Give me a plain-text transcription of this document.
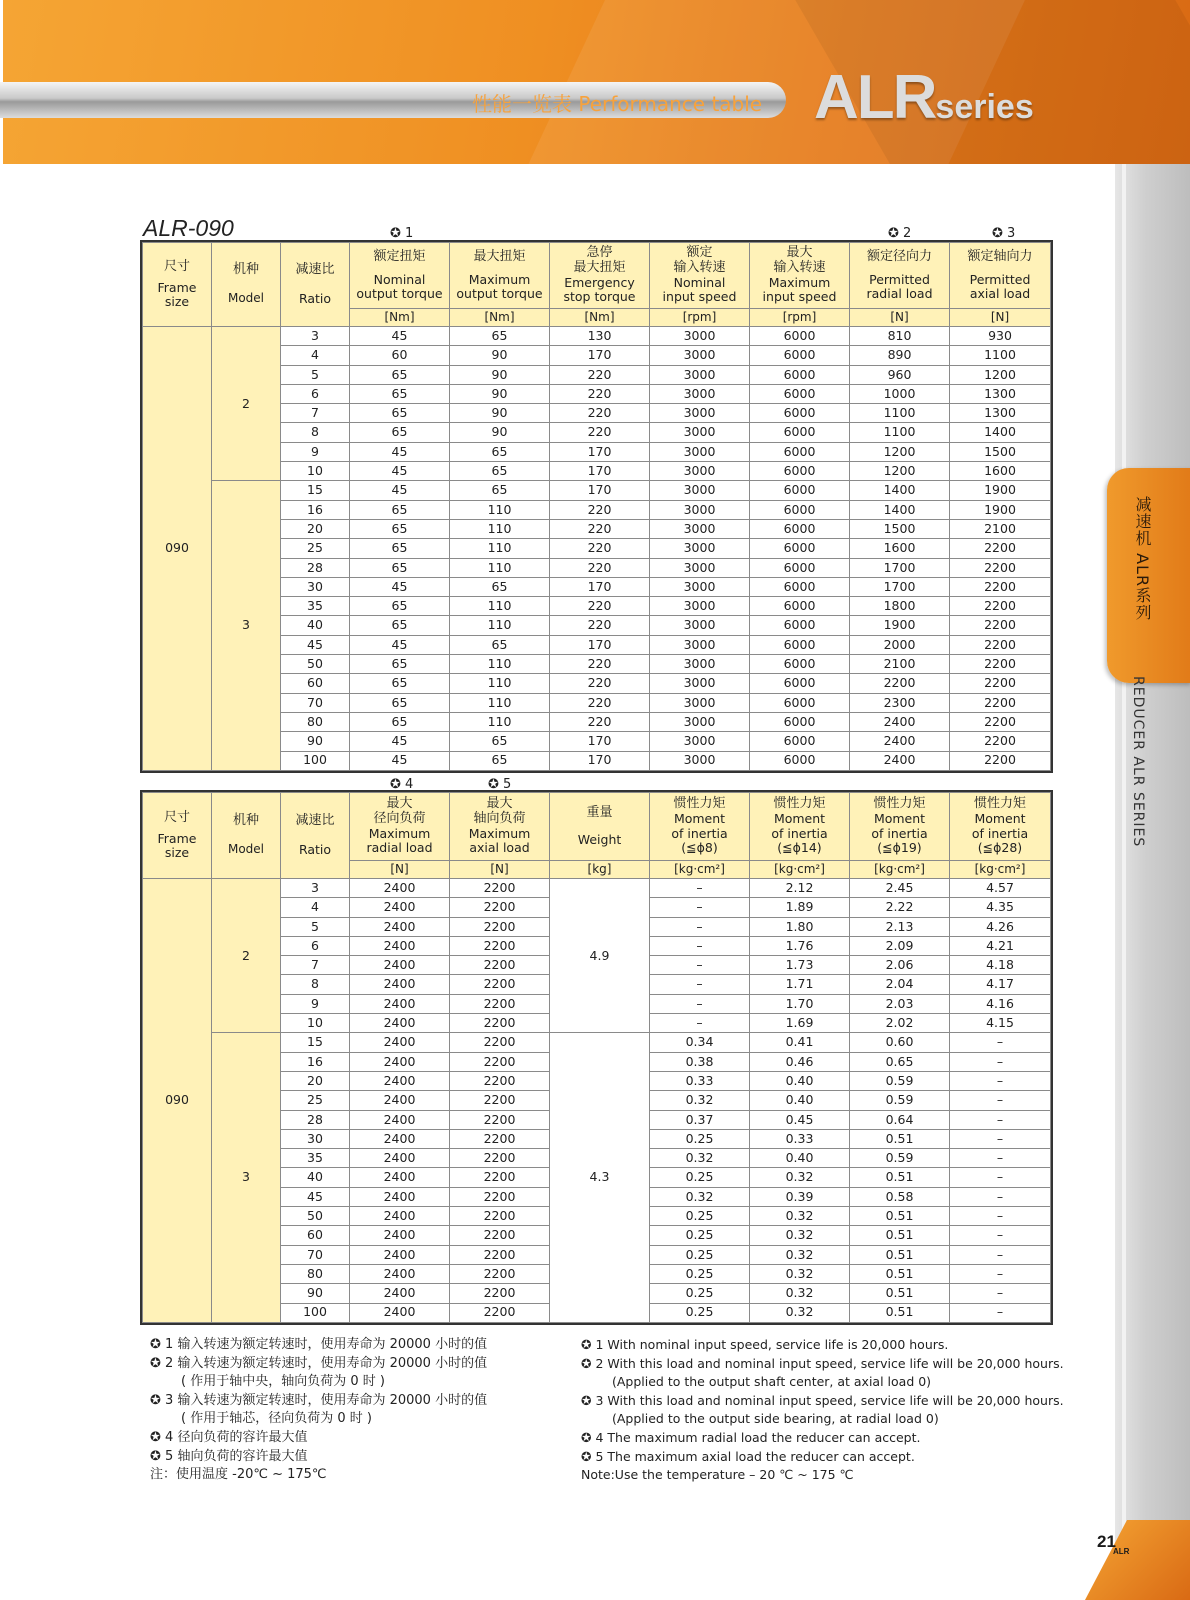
性能一览表 Performance table ALRseries
减速机 ALR系列
REDUCER ALR SERIES
21
ALR
ALR-090	✪ 1	✪ 2	✪ 3
尺寸
Frame
size	机种
Model	减速比
Ratio	额定扭矩
Nominal
output torque	最大扭矩
Maximum
output torque	急停
最大扭矩
Emergency
stop torque	额定
输入转速
Nominal
input speed	最大
输入转速
Maximum
input speed	额定径向力
Permitted
radial load	额定轴向力
Permitted
axial load

			[Nm]	[Nm]	[Nm]	[rpm]	[rpm]	[N]	[N]
090	2	3	45	65	130	3000	6000	810	930
		4	60	90	170	3000	6000	890	1100
		5	65	90	220	3000	6000	960	1200
		6	65	90	220	3000	6000	1000	1300
		7	65	90	220	3000	6000	1100	1300
		8	65	90	220	3000	6000	1100	1400
		9	45	65	170	3000	6000	1200	1500
		10	45	65	170	3000	6000	1200	1600
	3	15	45	65	170	3000	6000	1400	1900
		16	65	110	220	3000	6000	1400	1900
		20	65	110	220	3000	6000	1500	2100
		25	65	110	220	3000	6000	1600	2200
		28	65	110	220	3000	6000	1700	2200
		30	45	65	170	3000	6000	1700	2200
		35	65	110	220	3000	6000	1800	2200
		40	65	110	220	3000	6000	1900	2200
		45	45	65	170	3000	6000	2000	2200
		50	65	110	220	3000	6000	2100	2200
		60	65	110	220	3000	6000	2200	2200
		70	65	110	220	3000	6000	2300	2200
		80	65	110	220	3000	6000	2400	2200
		90	45	65	170	3000	6000	2400	2200
		100	45	65	170	3000	6000	2400	2200
✪ 4	✪ 5
尺寸
Frame
size	机种
Model	减速比
Ratio	最大
径向负荷
Maximum
radial load	最大
轴向负荷
Maximum
axial load	重量
Weight	惯性力矩
Moment
of inertia
(≦ϕ8)	惯性力矩
Moment
of inertia
(≦ϕ14)	惯性力矩
Moment
of inertia
(≦ϕ19)	惯性力矩
Moment
of inertia
(≦ϕ28)

			[N]	[N]	[kg]	[kg·cm²]	[kg·cm²]	[kg·cm²]	[kg·cm²]
090	2	3	2400	2200	4.9	–	2.12	2.45	4.57
		4	2400	2200		–	1.89	2.22	4.35
		5	2400	2200		–	1.80	2.13	4.26
		6	2400	2200		–	1.76	2.09	4.21
		7	2400	2200		–	1.73	2.06	4.18
		8	2400	2200		–	1.71	2.04	4.17
		9	2400	2200		–	1.70	2.03	4.16
		10	2400	2200		–	1.69	2.02	4.15
	3	15	2400	2200	4.3	0.34	0.41	0.60	–
		16	2400	2200		0.38	0.46	0.65	–
		20	2400	2200		0.33	0.40	0.59	–
		25	2400	2200		0.32	0.40	0.59	–
		28	2400	2200		0.37	0.45	0.64	–
		30	2400	2200		0.25	0.33	0.51	–
		35	2400	2200		0.32	0.40	0.59	–
		40	2400	2200		0.25	0.32	0.51	–
		45	2400	2200		0.32	0.39	0.58	–
		50	2400	2200		0.25	0.32	0.51	–
		60	2400	2200		0.25	0.32	0.51	–
		70	2400	2200		0.25	0.32	0.51	–
		80	2400	2200		0.25	0.32	0.51	–
		90	2400	2200		0.25	0.32	0.51	–
		100	2400	2200		0.25	0.32	0.51	–
✪ 1 输入转速为额定转速时，使用寿命为 20000 小时的值
✪ 2 输入转速为额定转速时，使用寿命为 20000 小时的值
( 作用于轴中央，轴向负荷为 0 时 )
✪ 3 输入转速为额定转速时，使用寿命为 20000 小时的值
( 作用于轴芯，径向负荷为 0 时 )
✪ 4 径向负荷的容许最大值
✪ 5 轴向负荷的容许最大值
注：使用温度 -20℃ ~ 175℃
✪ 1 With nominal input speed, service life is 20,000 hours.
✪ 2 With this load and nominal input speed, service life will be 20,000 hours.
(Applied to the output shaft center, at axial load 0)
✪ 3 With this load and nominal input speed, service life will be 20,000 hours.
(Applied to the output side bearing, at radial load 0)
✪ 4 The maximum radial load the reducer can accept.
✪ 5 The maximum axial load the reducer can accept.
Note:Use the temperature – 20 ℃ ~ 175 ℃
